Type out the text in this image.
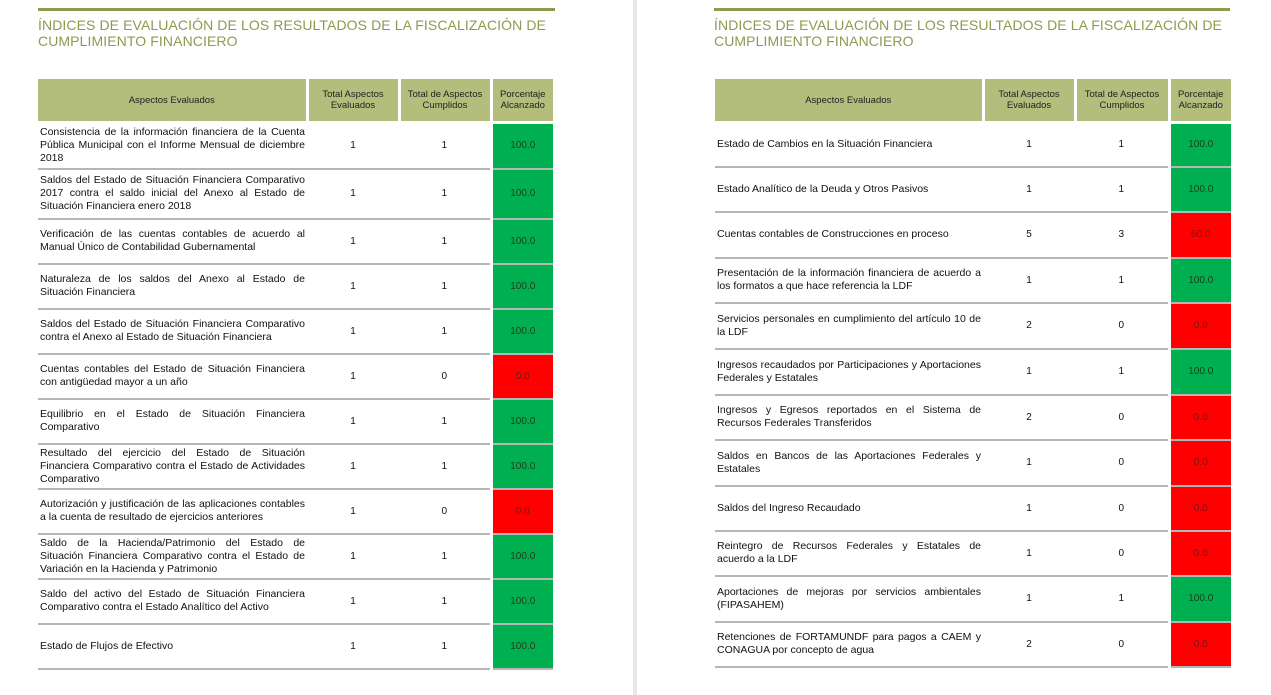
ÍNDICES DE EVALUACIÓN DE LOS RESULTADOS DE LA FISCALIZACIÓN DE
CUMPLIMIENTO FINANCIERO
Aspectos Evaluados	Total Aspectos Evaluados	Total de Aspectos Cumplidos	Porcentaje Alcanzado
Consistencia de la información financiera de la Cuenta Pública Municipal con el Informe Mensual de diciembre 2018	1	1	100.0
Saldos del Estado de Situación Financiera Comparativo 2017 contra el saldo inicial del Anexo al Estado de Situación Financiera enero 2018	1	1	100.0
Verificación de las cuentas contables de acuerdo al Manual Único de Contabilidad Gubernamental	1	1	100.0
Naturaleza de los saldos del Anexo al Estado de Situación Financiera	1	1	100.0
Saldos del Estado de Situación Financiera Comparativo contra el Anexo al Estado de Situación Financiera	1	1	100.0
Cuentas contables del Estado de Situación Financiera con antigüedad mayor a un año	1	0	0.0
Equilibrio en el Estado de Situación Financiera Comparativo	1	1	100.0
Resultado del ejercicio del Estado de Situación Financiera Comparativo contra el Estado de Actividades Comparativo	1	1	100.0
Autorización y justificación de las aplicaciones contables a la cuenta de resultado de ejercicios anteriores	1	0	0.0
Saldo de la Hacienda/Patrimonio del Estado de Situación Financiera Comparativo contra el Estado de Variación en la Hacienda y Patrimonio	1	1	100.0
Saldo del activo del Estado de Situación Financiera Comparativo contra el Estado Analítico del Activo	1	1	100.0
Estado de Flujos de Efectivo	1	1	100.0
ÍNDICES DE EVALUACIÓN DE LOS RESULTADOS DE LA FISCALIZACIÓN DE
CUMPLIMIENTO FINANCIERO
Aspectos Evaluados	Total Aspectos Evaluados	Total de Aspectos Cumplidos	Porcentaje Alcanzado
Estado de Cambios en la Situación Financiera	1	1	100.0
Estado Analítico de la Deuda y Otros Pasivos	1	1	100.0
Cuentas contables de Construcciones en proceso	5	3	60.0
Presentación de la información financiera de acuerdo a los formatos a que hace referencia la LDF	1	1	100.0
Servicios personales en cumplimiento del artículo 10 de la LDF	2	0	0.0
Ingresos recaudados por Participaciones y Aportaciones Federales y Estatales	1	1	100.0
Ingresos y Egresos reportados en el Sistema de Recursos Federales Transferidos	2	0	0.0
Saldos en Bancos de las Aportaciones Federales y Estatales	1	0	0.0
Saldos del Ingreso Recaudado	1	0	0.0
Reintegro de Recursos Federales y Estatales de acuerdo a la LDF	1	0	0.0
Aportaciones de mejoras por servicios ambientales (FIPASAHEM)	1	1	100.0
Retenciones de FORTAMUNDF para pagos a CAEM y CONAGUA por concepto de agua	2	0	0.0
